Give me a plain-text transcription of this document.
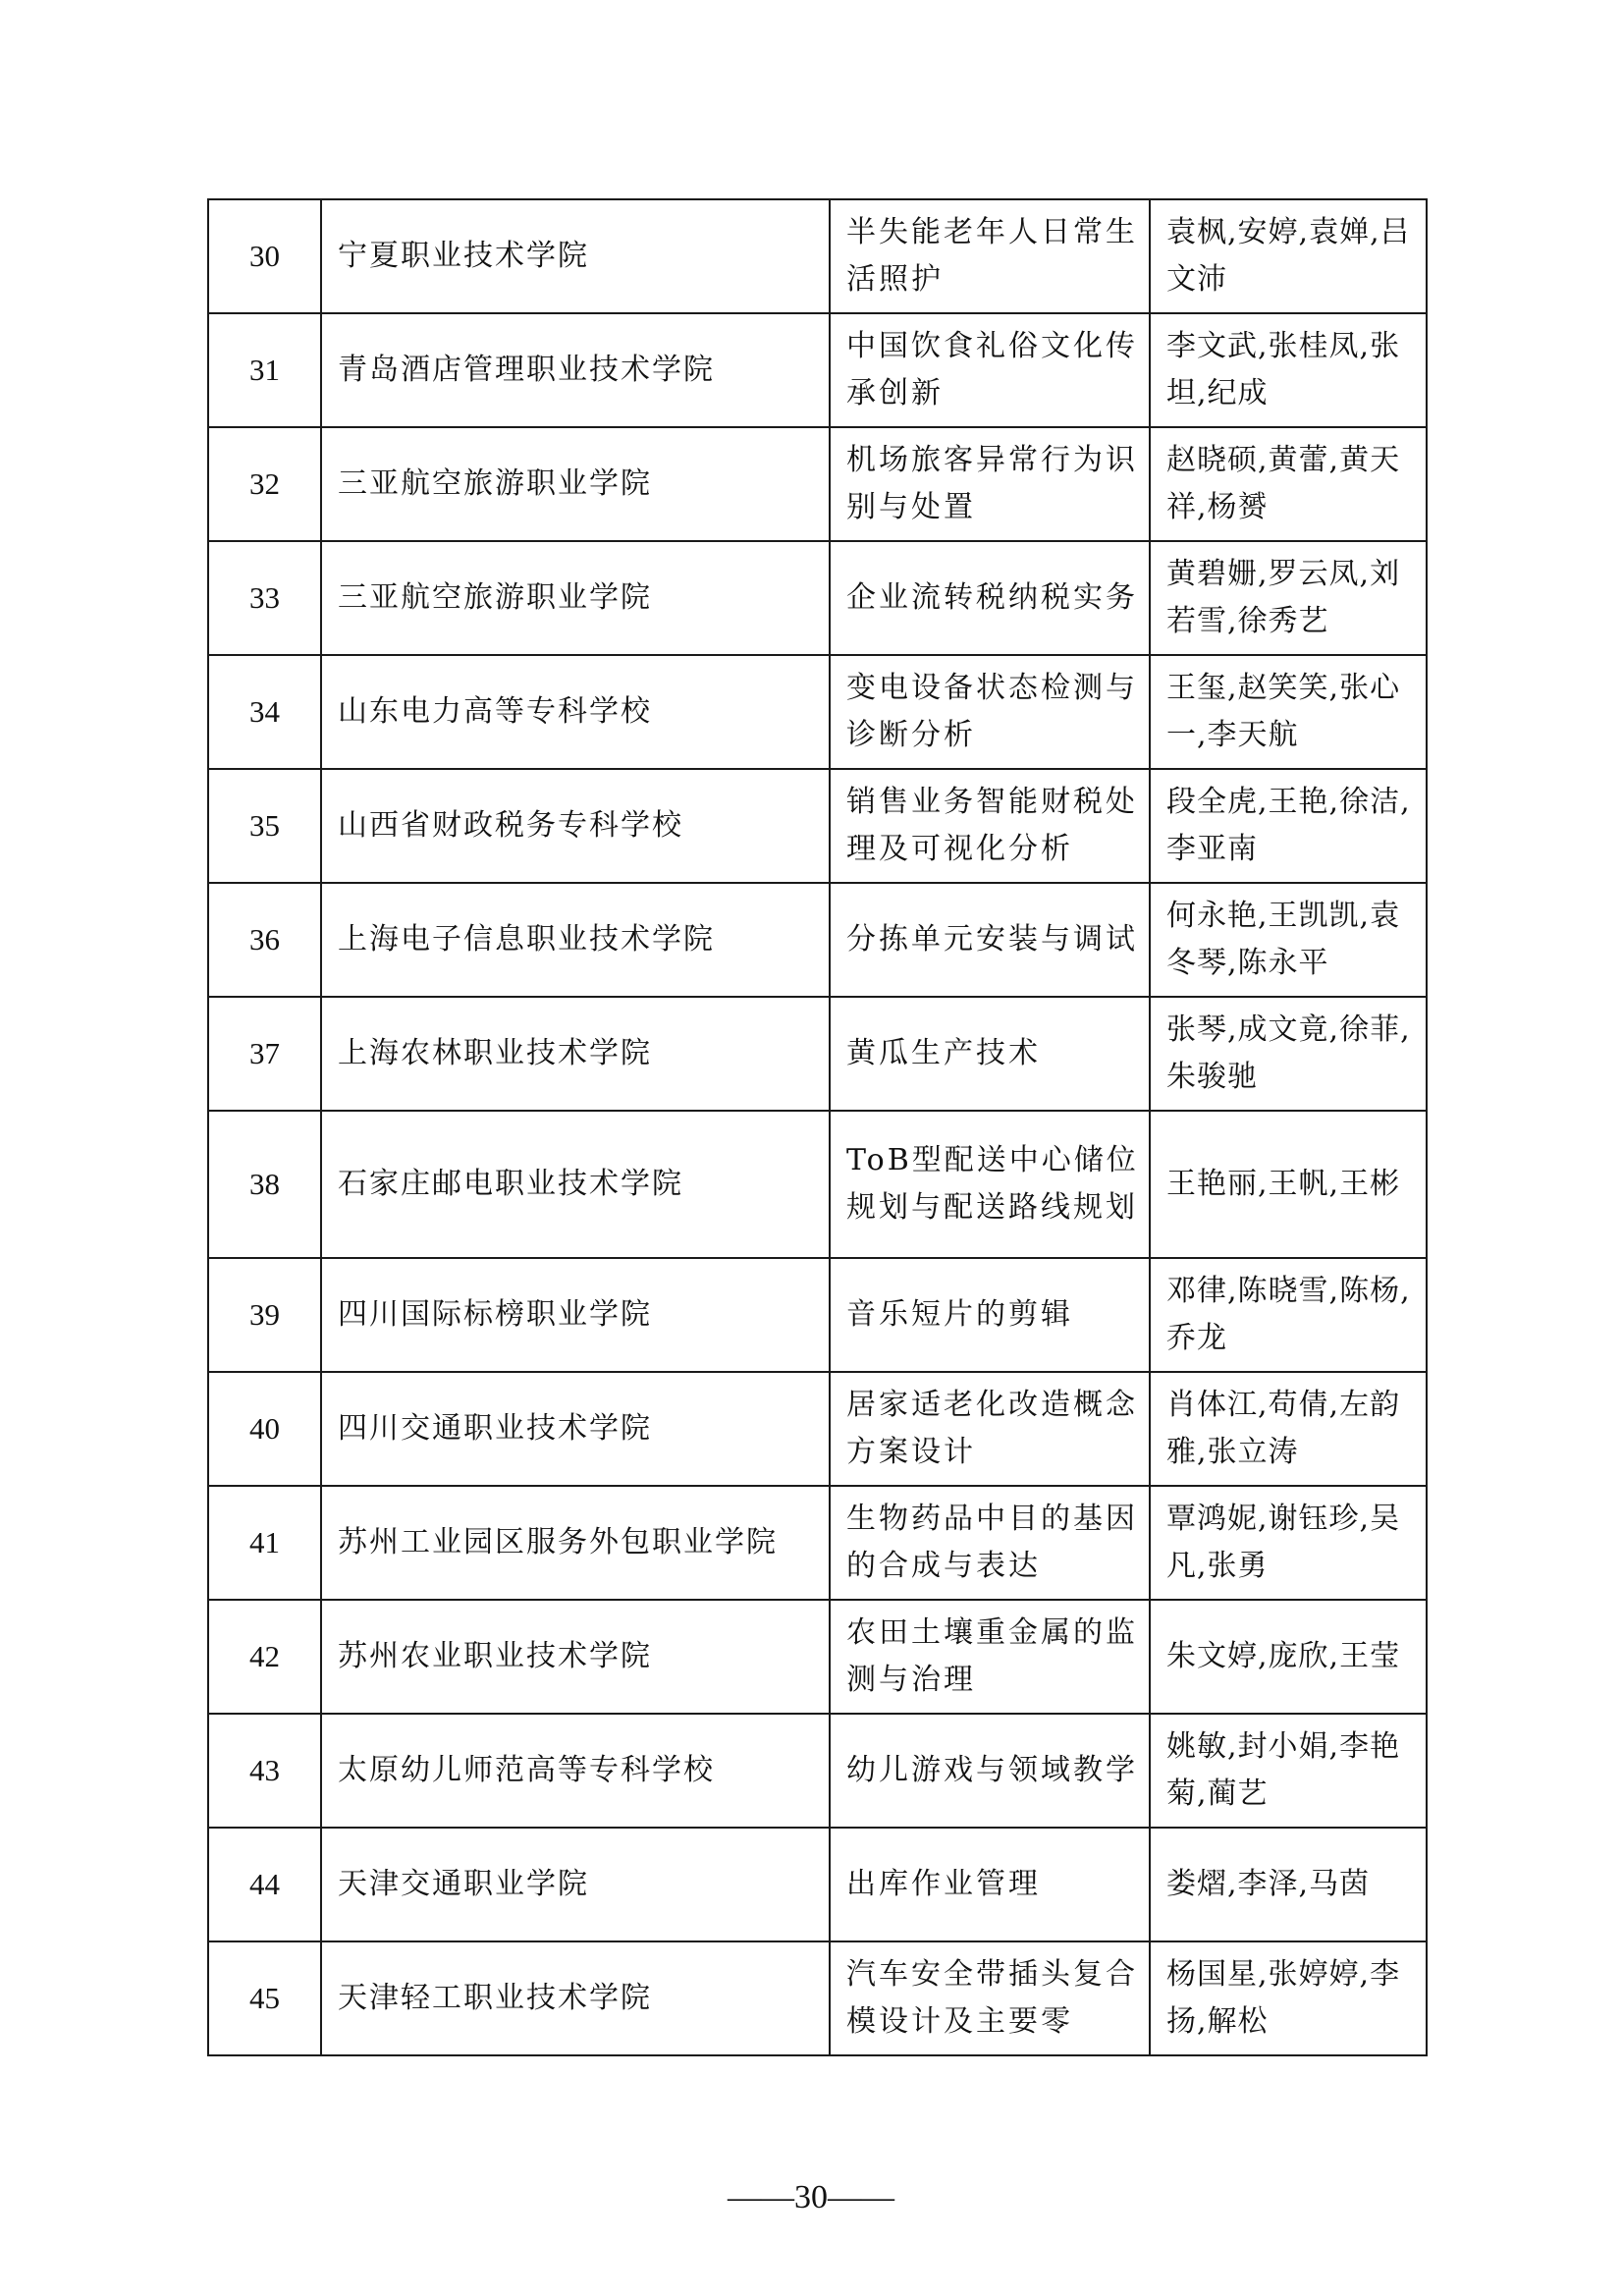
30	宁夏职业技术学院	半失能老年人日常生活照护	袁枫,安婷,袁婵,吕文沛

31	青岛酒店管理职业技术学院	中国饮食礼俗文化传承创新	李文武,张桂凤,张坦,纪成

32	三亚航空旅游职业学院	机场旅客异常行为识别与处置	赵晓硕,黄蕾,黄天祥,杨赟

33	三亚航空旅游职业学院	企业流转税纳税实务	黄碧姗,罗云凤,刘若雪,徐秀艺

34	山东电力高等专科学校	变电设备状态检测与诊断分析	王玺,赵笑笑,张心一,李天航

35	山西省财政税务专科学校	销售业务智能财税处理及可视化分析	段全虎,王艳,徐洁,李亚南

36	上海电子信息职业技术学院	分拣单元安装与调试	何永艳,王凯凯,袁冬琴,陈永平

37	上海农林职业技术学院	黄瓜生产技术	张琴,成文竟,徐菲,朱骏驰

38	石家庄邮电职业技术学院	ToB型配送中心储位规划与配送路线规划	王艳丽,王帆,王彬

39	四川国际标榜职业学院	音乐短片的剪辑	邓律,陈晓雪,陈杨,乔龙

40	四川交通职业技术学院	居家适老化改造概念方案设计	肖体江,苟倩,左韵雅,张立涛

41	苏州工业园区服务外包职业学院	生物药品中目的基因的合成与表达	覃鸿妮,谢钰珍,吴凡,张勇

42	苏州农业职业技术学院	农田土壤重金属的监测与治理	朱文婷,庞欣,王莹

43	太原幼儿师范高等专科学校	幼儿游戏与领域教学	姚敏,封小娟,李艳菊,蔺艺

44	天津交通职业学院	出库作业管理	娄熠,李泽,马茵

45	天津轻工职业技术学院	汽车安全带插头复合模设计及主要零	杨国星,张婷婷,李扬,解松
——30——
